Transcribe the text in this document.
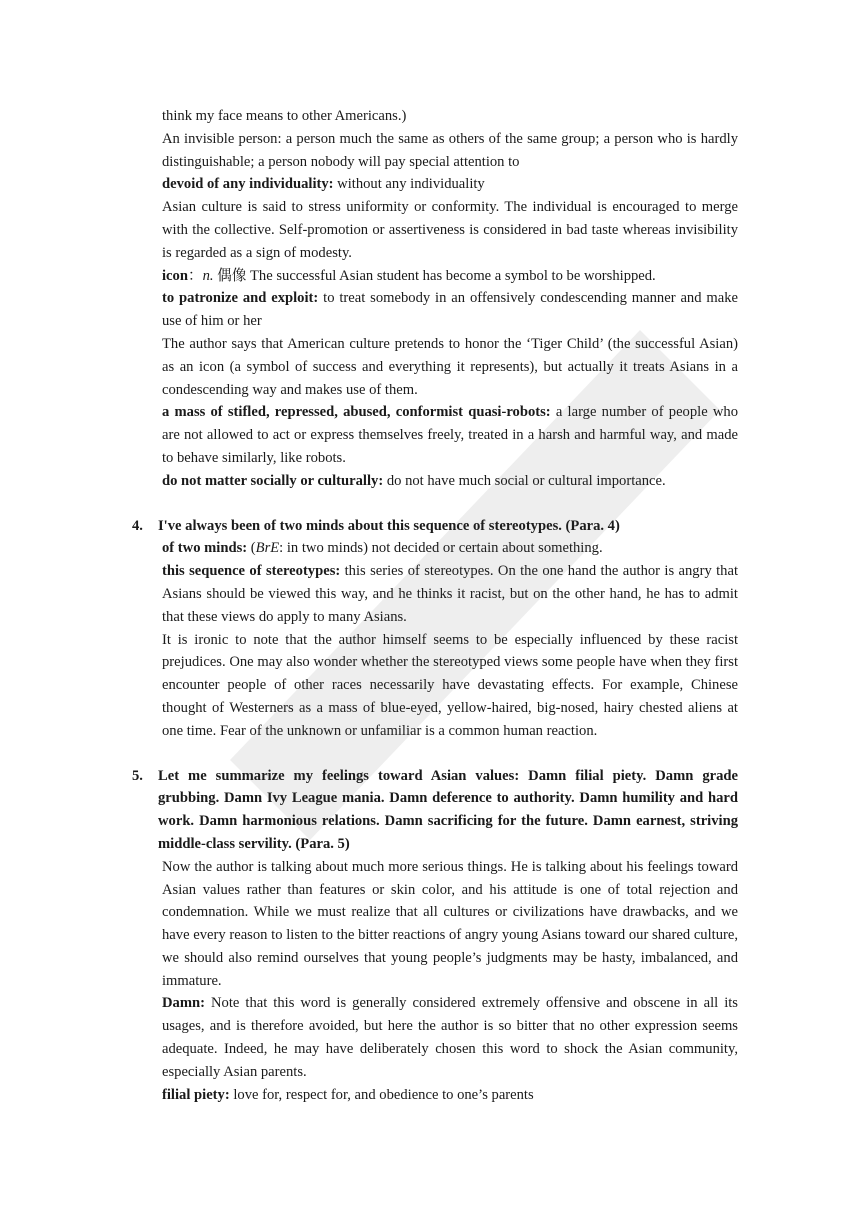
think my face means to other Americans.)

An invisible person: a person much the same as others of the same group; a person who is hardly distinguishable; a person nobody will pay special attention to

devoid of any individuality: without any individuality

Asian culture is said to stress uniformity or conformity. The individual is encouraged to merge with the collective. Self-promotion or assertiveness is considered in bad taste whereas invisibility is regarded as a sign of modesty.

icon：n. 偶像 The successful Asian student has become a symbol to be worshipped.

to patronize and exploit: to treat somebody in an offensively condescending manner and make use of him or her

The author says that American culture pretends to honor the ‘Tiger Child’ (the successful Asian) as an icon (a symbol of success and everything it represents), but actually it treats Asians in a condescending way and makes use of them.

a mass of stifled, repressed, abused, conformist quasi-robots: a large number of people who are not allowed to act or express themselves freely, treated in a harsh and harmful way, and made to behave similarly, like robots.

do not matter socially or culturally: do not have much social or cultural importance.

4. I've always been of two minds about this sequence of stereotypes. (Para. 4)

of two minds: (BrE: in two minds) not decided or certain about something.

this sequence of stereotypes: this series of stereotypes. On the one hand the author is angry that Asians should be viewed this way, and he thinks it racist, but on the other hand, he has to admit that these views do apply to many Asians.

It is ironic to note that the author himself seems to be especially influenced by these racist prejudices. One may also wonder whether the stereotyped views some people have when they first encounter people of other races necessarily have devastating effects. For example, Chinese thought of Westerners as a mass of blue-eyed, yellow-haired, big-nosed, hairy chested aliens at one time. Fear of the unknown or unfamiliar is a common human reaction.

5. Let me summarize my feelings toward Asian values: Damn filial piety. Damn grade grubbing. Damn Ivy League mania. Damn deference to authority. Damn humility and hard work. Damn harmonious relations. Damn sacrificing for the future. Damn earnest, striving middle-class servility. (Para. 5)

Now the author is talking about much more serious things. He is talking about his feelings toward Asian values rather than features or skin color, and his attitude is one of total rejection and condemnation. While we must realize that all cultures or civilizations have drawbacks, and we have every reason to listen to the bitter reactions of angry young Asians toward our shared culture, we should also remind ourselves that young people’s judgments may be hasty, imbalanced, and immature.

Damn: Note that this word is generally considered extremely offensive and obscene in all its usages, and is therefore avoided, but here the author is so bitter that no other expression seems adequate. Indeed, he may have deliberately chosen this word to shock the Asian community, especially Asian parents.

filial piety: love for, respect for, and obedience to one’s parents
